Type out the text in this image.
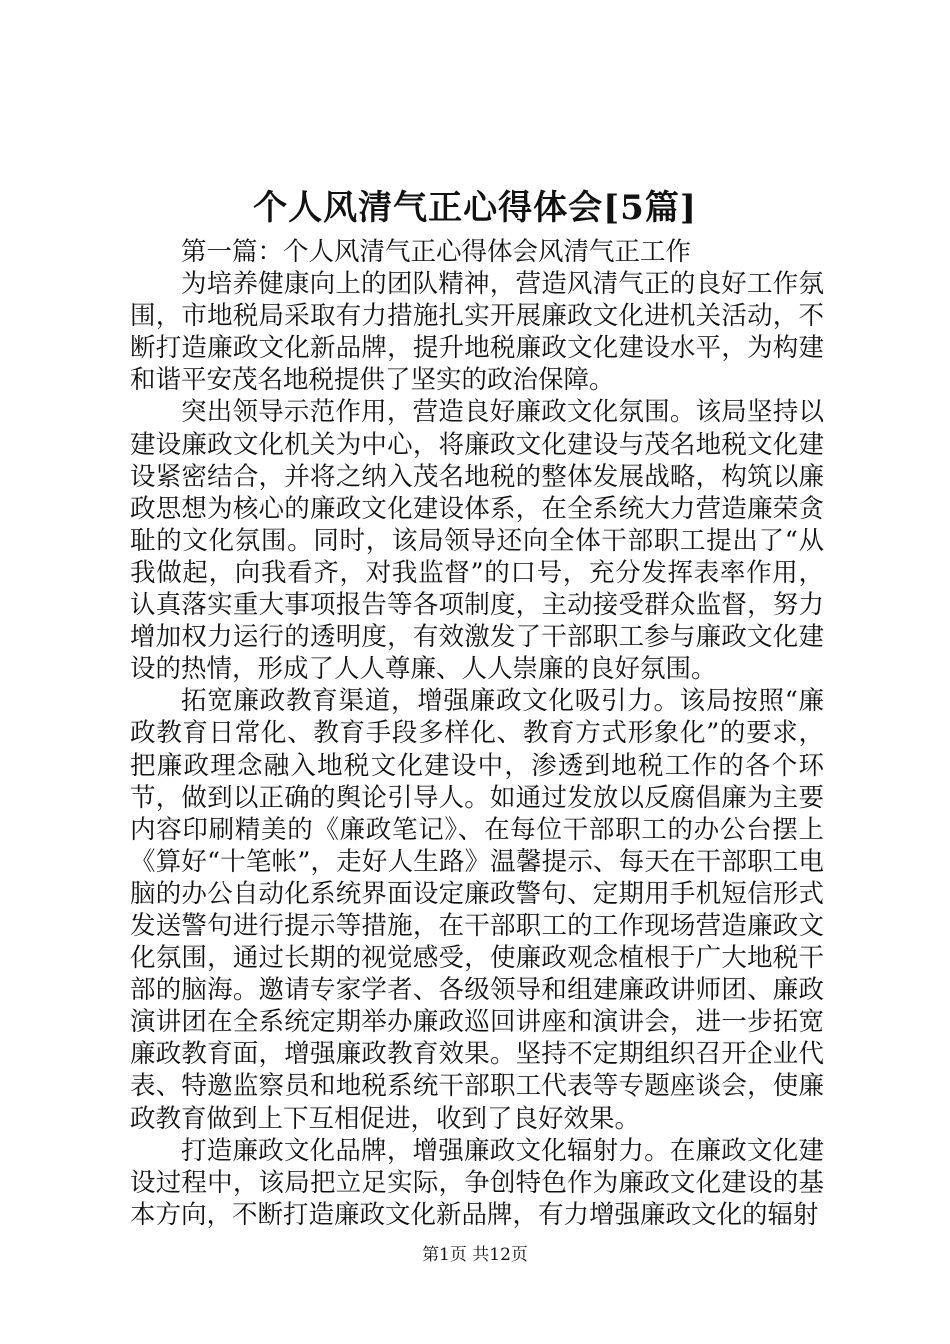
个人风清气正心得体会[5篇]

第一篇：个人风清气正心得体会风清气正工作

为培养健康向上的团队精神，营造风清气正的良好工作氛围，市地税局采取有力措施扎实开展廉政文化进机关活动，不断打造廉政文化新品牌，提升地税廉政文化建设水平，为构建和谐平安茂名地税提供了坚实的政治保障。

突出领导示范作用，营造良好廉政文化氛围。该局坚持以建设廉政文化机关为中心，将廉政文化建设与茂名地税文化建设紧密结合，并将之纳入茂名地税的整体发展战略，构筑以廉政思想为核心的廉政文化建设体系，在全系统大力营造廉荣贪耻的文化氛围。同时，该局领导还向全体干部职工提出了“从我做起，向我看齐，对我监督”的口号，充分发挥表率作用，认真落实重大事项报告等各项制度，主动接受群众监督，努力增加权力运行的透明度，有效激发了干部职工参与廉政文化建设的热情，形成了人人尊廉、人人崇廉的良好氛围。

拓宽廉政教育渠道，增强廉政文化吸引力。该局按照“廉政教育日常化、教育手段多样化、教育方式形象化”的要求，把廉政理念融入地税文化建设中，渗透到地税工作的各个环节，做到以正确的舆论引导人。如通过发放以反腐倡廉为主要内容印刷精美的《廉政笔记》、在每位干部职工的办公台摆上《算好“十笔帐”，走好人生路》温馨提示、每天在干部职工电脑的办公自动化系统界面设定廉政警句、定期用手机短信形式发送警句进行提示等措施，在干部职工的工作现场营造廉政文化氛围，通过长期的视觉感受，使廉政观念植根于广大地税干部的脑海。邀请专家学者、各级领导和组建廉政讲师团、廉政演讲团在全系统定期举办廉政巡回讲座和演讲会，进一步拓宽廉政教育面，增强廉政教育效果。坚持不定期组织召开企业代表、特邀监察员和地税系统干部职工代表等专题座谈会，使廉政教育做到上下互相促进，收到了良好效果。

打造廉政文化品牌，增强廉政文化辐射力。在廉政文化建设过程中，该局把立足实际，争创特色作为廉政文化建设的基本方向，不断打造廉政文化新品牌，有力增强廉政文化的辐射

第1页 共12页
